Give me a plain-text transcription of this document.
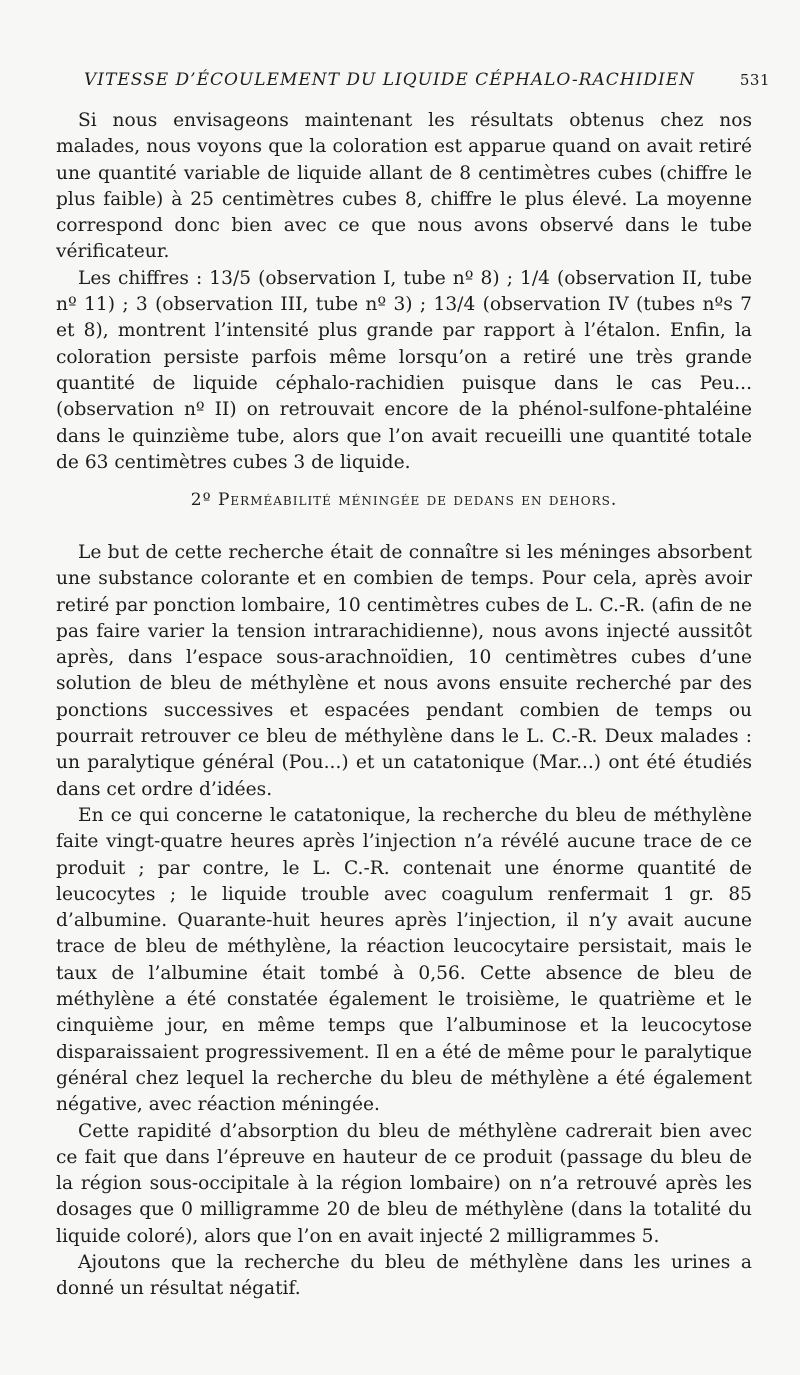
VITESSE D’ÉCOULEMENT DU LIQUIDE CÉPHALO-RACHIDIEN	531

Si nous envisageons maintenant les résultats obtenus chez nos malades, nous voyons que la coloration est apparue quand on avait retiré une quantité variable de liquide allant de 8 centimètres cubes (chiffre le plus faible) à 25 centimètres cubes 8, chiffre le plus élevé. La moyenne correspond donc bien avec ce que nous avons observé dans le tube vérificateur.

Les chiffres : 13/5 (observation I, tube nº 8) ; 1/4 (observation II, tube nº 11) ; 3 (observation III, tube nº 3) ; 13/4 (observation IV (tubes nºs 7 et 8), montrent l’intensité plus grande par rapport à l’étalon. Enfin, la coloration persiste parfois même lorsqu’on a retiré une très grande quantité de liquide céphalo-rachidien puisque dans le cas Peu... (observation nº II) on retrouvait encore de la phénol-sulfone-phtaléine dans le quinzième tube, alors que l’on avait recueilli une quantité totale de 63 centimètres cubes 3 de liquide.

2º Perméabilité méningée de dedans en dehors.

Le but de cette recherche était de connaître si les méninges absorbent une substance colorante et en combien de temps. Pour cela, après avoir retiré par ponction lombaire, 10 centimètres cubes de L. C.-R. (afin de ne pas faire varier la tension intrarachidienne), nous avons injecté aussitôt après, dans l’espace sous-arachnoïdien, 10 centimètres cubes d’une solution de bleu de méthylène et nous avons ensuite recherché par des ponctions successives et espacées pendant combien de temps ou pourrait retrouver ce bleu de méthylène dans le L. C.-R. Deux malades : un paralytique général (Pou...) et un catatonique (Mar...) ont été étudiés dans cet ordre d’idées.

En ce qui concerne le catatonique, la recherche du bleu de méthylène faite vingt-quatre heures après l’injection n’a révélé aucune trace de ce produit ; par contre, le L. C.-R. contenait une énorme quantité de leucocytes ; le liquide trouble avec coagulum renfermait 1 gr. 85 d’albumine. Quarante-huit heures après l’injection, il n’y avait aucune trace de bleu de méthylène, la réaction leucocytaire persistait, mais le taux de l’albumine était tombé à 0,56. Cette absence de bleu de méthylène a été constatée également le troisième, le quatrième et le cinquième jour, en même temps que l’albuminose et la leucocytose disparaissaient progressivement. Il en a été de même pour le paralytique général chez lequel la recherche du bleu de méthylène a été également négative, avec réaction méningée.

Cette rapidité d’absorption du bleu de méthylène cadrerait bien avec ce fait que dans l’épreuve en hauteur de ce produit (passage du bleu de la région sous-occipitale à la région lombaire) on n’a retrouvé après les dosages que 0 milligramme 20 de bleu de méthylène (dans la totalité du liquide coloré), alors que l’on en avait injecté 2 milligrammes 5.

Ajoutons que la recherche du bleu de méthylène dans les urines a donné un résultat négatif.
